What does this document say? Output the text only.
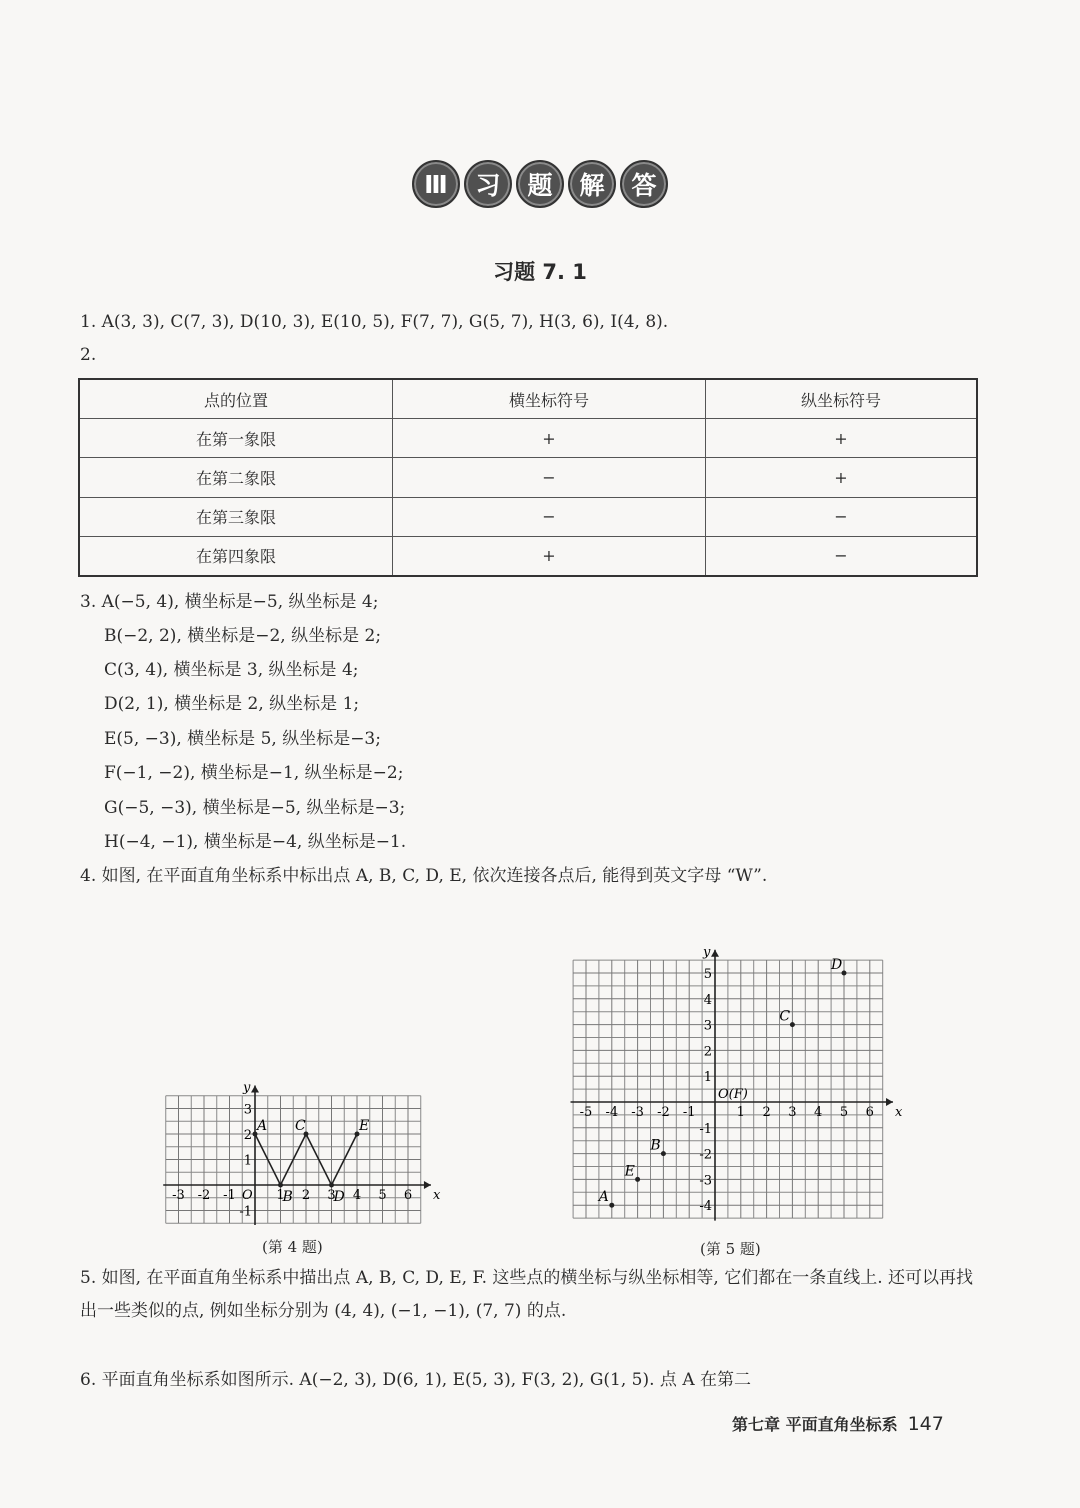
Ⅲ	习	题	解	答
习题 7. 1
1. A(3, 3), C(7, 3), D(10, 3), E(10, 5), F(7, 7), G(5, 7), H(3, 6), I(4, 8).
2.
点的位置	横坐标符号	纵坐标符号
在第一象限	+	+
在第二象限	−	+
在第三象限	−	−
在第四象限	+	−
3. A(−5, 4), 横坐标是−5, 纵坐标是 4;
B(−2, 2), 横坐标是−2, 纵坐标是 2;
C(3, 4), 横坐标是 3, 纵坐标是 4;
D(2, 1), 横坐标是 2, 纵坐标是 1;
E(5, −3), 横坐标是 5, 纵坐标是−3;
F(−1, −2), 横坐标是−1, 纵坐标是−2;
G(−5, −3), 横坐标是−5, 纵坐标是−3;
H(−4, −1), 横坐标是−4, 纵坐标是−1.
4. 如图, 在平面直角坐标系中标出点 A, B, C, D, E, 依次连接各点后, 能得到英文字母 “W”.
x
y
-3 -2 -1	1 2 3 4 5 6
3
2
1
-1
O
A
B
C
D
E
(第 4 题)
x
y
-5 -4 -3 -2 -1	1 2 3 4 5 6
5
4
3
2
1
-1
-2
-3
-4
O(F)
A
E
B
C
D
(第 5 题)
5. 如图, 在平面直角坐标系中描出点 A, B, C, D, E, F. 这些点的横坐标与纵坐标相等, 它们都在一条直线上. 还可以再找出一些类似的点, 例如坐标分别为 (4, 4), (−1, −1), (7, 7) 的点.
6. 平面直角坐标系如图所示. A(−2, 3), D(6, 1), E(5, 3), F(3, 2), G(1, 5). 点 A 在第二
第七章 平面直角坐标系 147
